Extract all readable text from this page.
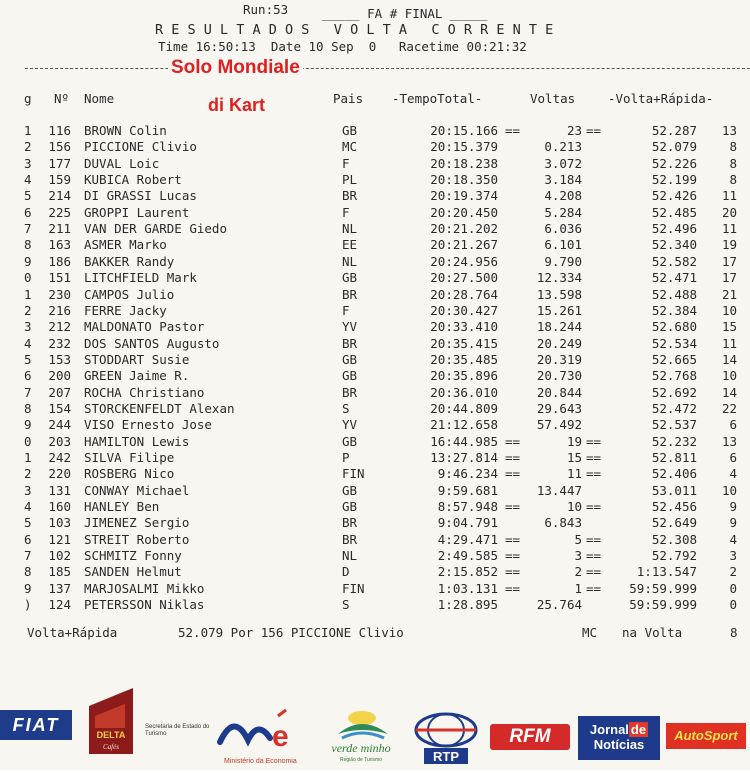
Run:53	_____ FA # FINAL _____
R E S U L T A D O S   V O L T A   C O R R E N T E
Time 16:50:13  Date 10 Sep  0   Racetime 00:21:32
Solo Mondiale
di Kart
g Nº Nome	Pais -TempoTotal-	Voltas	-Volta+Rápida-
1	116 BROWN Colin	GB	20:15.166 ==	23 ==	52.287	13
2	156 PICCIONE Clivio	MC	20:15.379	0.213	52.079	8
3	177 DUVAL Loic	F	20:18.238	3.072	52.226	8
4	159 KUBICA Robert	PL	20:18.350	3.184	52.199	8
5	214 DI GRASSI Lucas	BR	20:19.374	4.208	52.426	11
6	225 GROPPI Laurent	F	20:20.450	5.284	52.485	20
7	211 VAN DER GARDE Giedo	NL	20:21.202	6.036	52.496	11
8	163 ASMER Marko	EE	20:21.267	6.101	52.340	19
9	186 BAKKER Randy	NL	20:24.956	9.790	52.582	17
0	151 LITCHFIELD Mark	GB	20:27.500	12.334	52.471	17
1	230 CAMPOS Julio	BR	20:28.764	13.598	52.488	21
2	216 FERRE Jacky	F	20:30.427	15.261	52.384	10
3	212 MALDONATO Pastor	YV	20:33.410	18.244	52.680	15
4	232 DOS SANTOS Augusto	BR	20:35.415	20.249	52.534	11
5	153 STODDART Susie	GB	20:35.485	20.319	52.665	14
6	200 GREEN Jaime R.	GB	20:35.896	20.730	52.768	10
7	207 ROCHA Christiano	BR	20:36.010	20.844	52.692	14
8	154 STORCKENFELDT Alexan	S	20:44.809	29.643	52.472	22
9	244 VISO Ernesto Jose	YV	21:12.658	57.492	52.537	6
0	203 HAMILTON Lewis	GB	16:44.985 ==	19 ==	52.232	13
1	242 SILVA Filipe	P	13:27.814 ==	15 ==	52.811	6
2	220 ROSBERG Nico	FIN	9:46.234 ==	11 ==	52.406	4
3	131 CONWAY Michael	GB	9:59.681	13.447	53.011	10
4	160 HANLEY Ben	GB	8:57.948 ==	10 ==	52.456	9
5	103 JIMENEZ Sergio	BR	9:04.791	6.843	52.649	9
6	121 STREIT Roberto	BR	4:29.471 ==	5 ==	52.308	4
7	102 SCHMITZ Fonny	NL	2:49.585 ==	3 ==	52.792	3
8	185 SANDEN Helmut	D	2:15.852 ==	2 ==	1:13.547	2
9	137 MARJOSALMI Mikko	FIN	1:03.131 ==	1 ==	59:59.999	0
)	124 PETERSSON Niklas	S	1:28.895	25.764	59:59.999	0
Volta+Rápida	52.079 Por 156 PICCIONE Clivio	MC na Volta	8
FIAT	DELTA
Cafés
Secretaria de Estado do Turismo	e
Ministério da Economia
verde minho
Região de Turismo	RTP
RFM	Jornal de
Notícias
AutoSport
